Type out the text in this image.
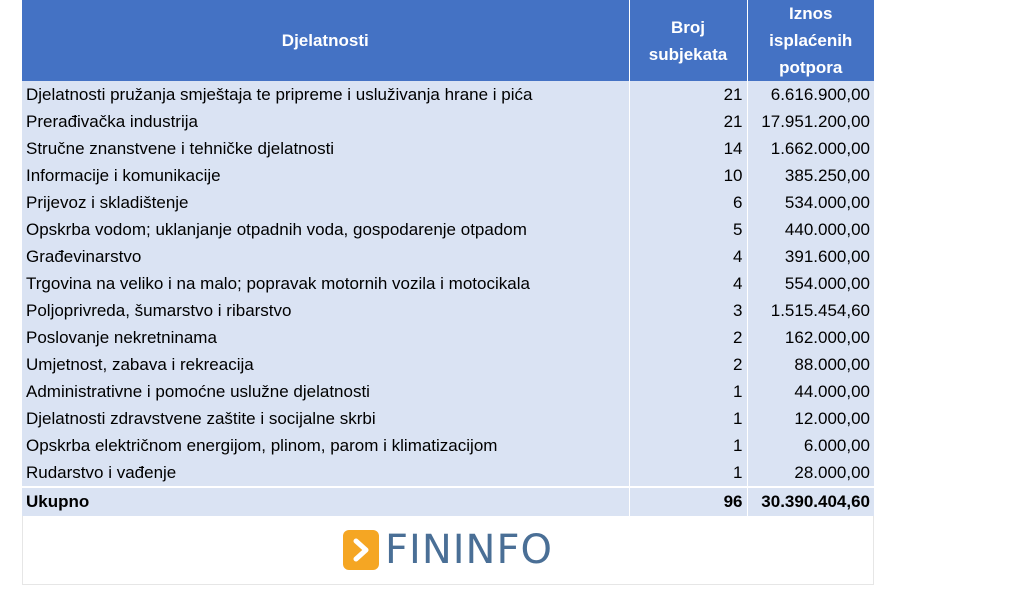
Djelatnosti	Broj subjekata	Iznos isplaćenih potpora
Djelatnosti pružanja smještaja te pripreme i usluživanja hrane i pića	21	6.616.900,00
Prerađivačka industrija	21	17.951.200,00
Stručne znanstvene i tehničke djelatnosti	14	1.662.000,00
Informacije i komunikacije	10	385.250,00
Prijevoz i skladištenje	6	534.000,00
Opskrba vodom; uklanjanje otpadnih voda, gospodarenje otpadom	5	440.000,00
Građevinarstvo	4	391.600,00
Trgovina na veliko i na malo; popravak motornih vozila i motocikala	4	554.000,00
Poljoprivreda, šumarstvo i ribarstvo	3	1.515.454,60
Poslovanje nekretninama	2	162.000,00
Umjetnost, zabava i rekreacija	2	88.000,00
Administrativne i pomoćne uslužne djelatnosti	1	44.000,00
Djelatnosti zdravstvene zaštite i socijalne skrbi	1	12.000,00
Opskrba električnom energijom, plinom, parom i klimatizacijom	1	6.000,00
Rudarstvo i vađenje	1	28.000,00
Ukupno	96	30.390.404,60
FININFO
